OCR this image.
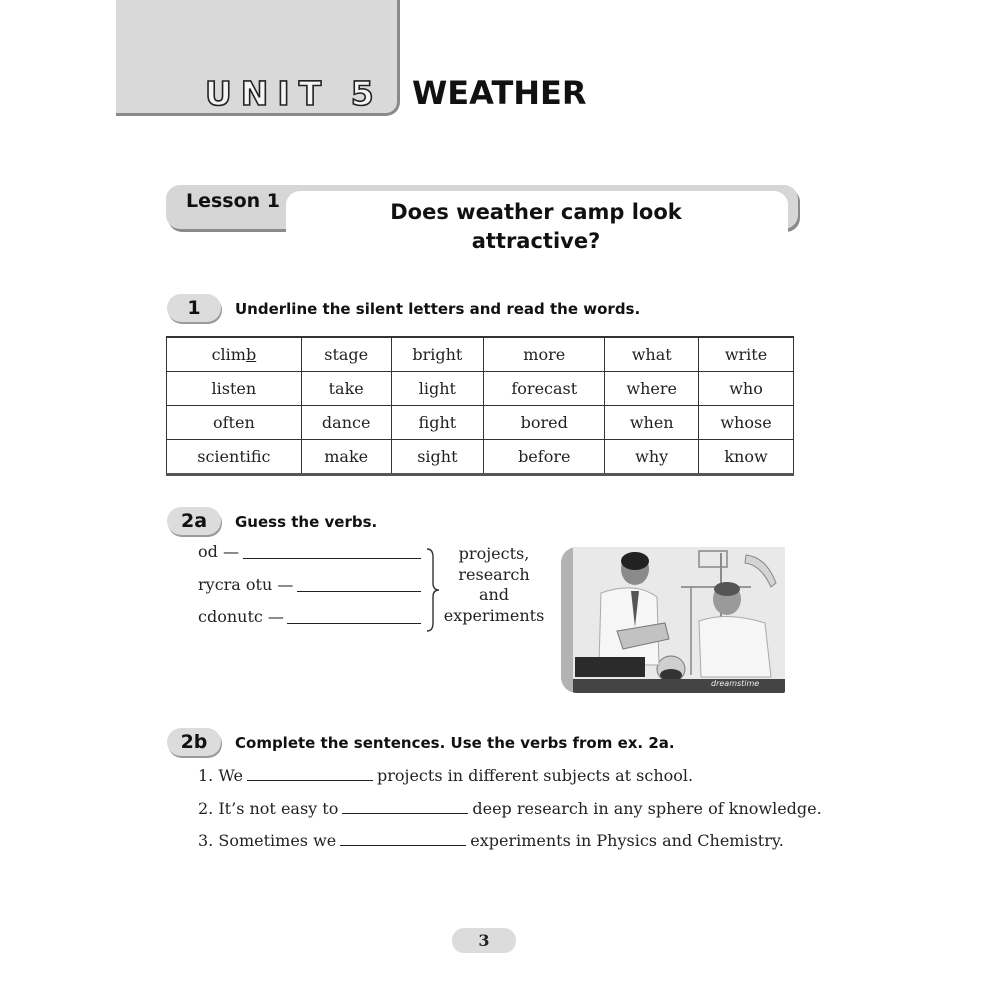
UNIT 5 WEATHER
Lesson 1	Does weather camp look
attractive?
1	Underline the silent letters and read the words.
climb	stage	bright	more	what	write
listen	take	light	forecast	where	who
often	dance	fight	bored	when	whose
scientific	make	sight	before	why	know
2a	Guess the verbs.
od —
rycra otu —
cdonutc —
projects,
research
and
experiments
dreamstime
2b	Complete the sentences. Use the verbs from ex. 2a.
1. We	projects in different subjects at school.
2. It’s not easy to	deep research in any sphere of knowledge.
3. Sometimes we	experiments in Physics and Chemistry.
3
